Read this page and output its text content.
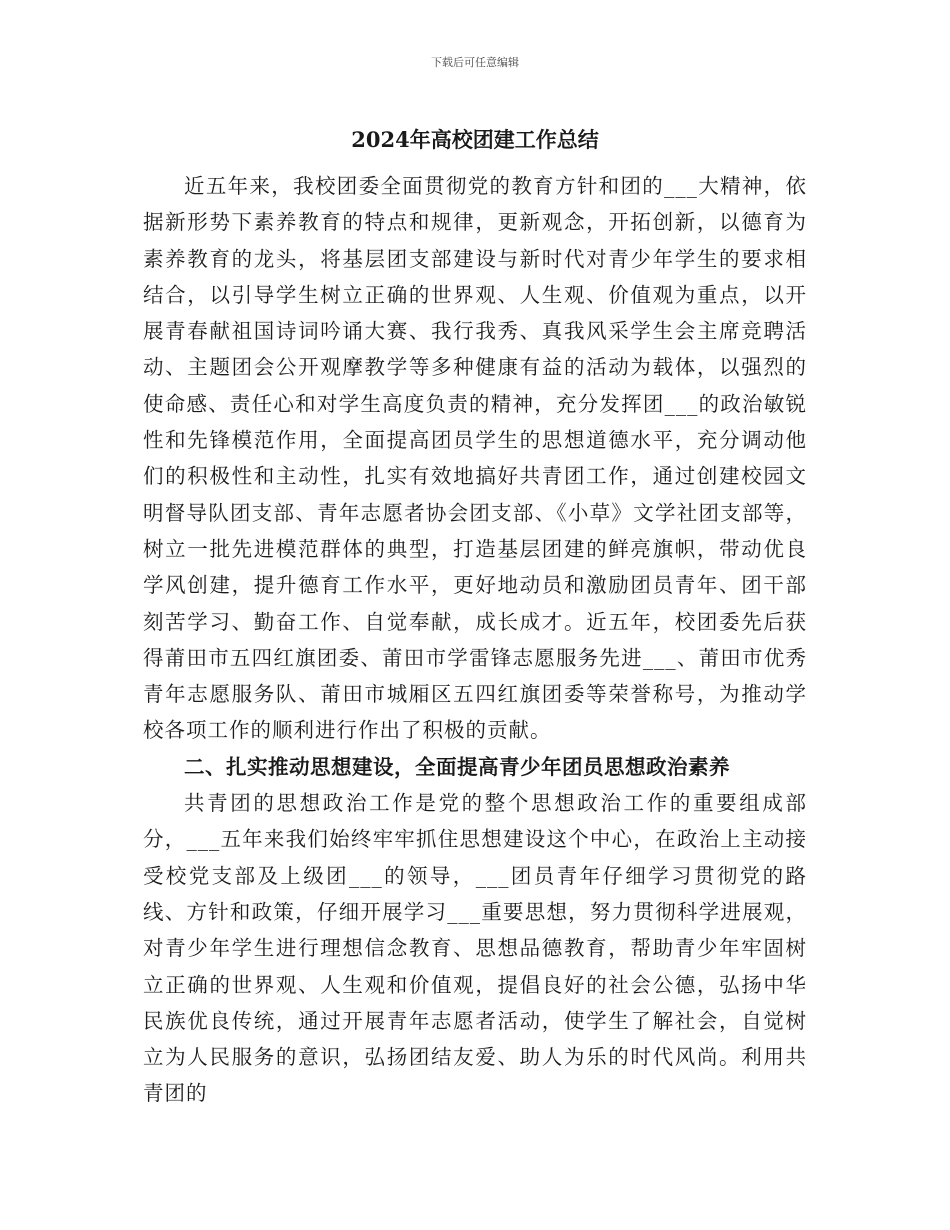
下载后可任意编辑
2024年高校团建工作总结

近五年来，我校团委全面贯彻党的教育方针和团的___大精神，依据新形势下素养教育的特点和规律，更新观念，开拓创新，以德育为素养教育的龙头，将基层团支部建设与新时代对青少年学生的要求相结合，以引导学生树立正确的世界观、人生观、价值观为重点，以开展青春献祖国诗词吟诵大赛、我行我秀、真我风采学生会主席竞聘活动、主题团会公开观摩教学等多种健康有益的活动为载体，以强烈的使命感、责任心和对学生高度负责的精神，充分发挥团___的政治敏锐性和先锋模范作用，全面提高团员学生的思想道德水平，充分调动他们的积极性和主动性，扎实有效地搞好共青团工作，通过创建校园文明督导队团支部、青年志愿者协会团支部、《小草》文学社团支部等，树立一批先进模范群体的典型，打造基层团建的鲜亮旗帜，带动优良学风创建，提升德育工作水平，更好地动员和激励团员青年、团干部刻苦学习、勤奋工作、自觉奉献，成长成才。近五年，校团委先后获得莆田市五四红旗团委、莆田市学雷锋志愿服务先进___、莆田市优秀青年志愿服务队、莆田市城厢区五四红旗团委等荣誉称号，为推动学校各项工作的顺利进行作出了积极的贡献。

二、扎实推动思想建设，全面提高青少年团员思想政治素养

共青团的思想政治工作是党的整个思想政治工作的重要组成部分，___五年来我们始终牢牢抓住思想建设这个中心，在政治上主动接受校党支部及上级团___的领导，___团员青年仔细学习贯彻党的路线、方针和政策，仔细开展学习___重要思想，努力贯彻科学进展观，对青少年学生进行理想信念教育、思想品德教育，帮助青少年牢固树立正确的世界观、人生观和价值观，提倡良好的社会公德，弘扬中华民族优良传统，通过开展青年志愿者活动，使学生了解社会，自觉树立为人民服务的意识，弘扬团结友爱、助人为乐的时代风尚。利用共青团的
